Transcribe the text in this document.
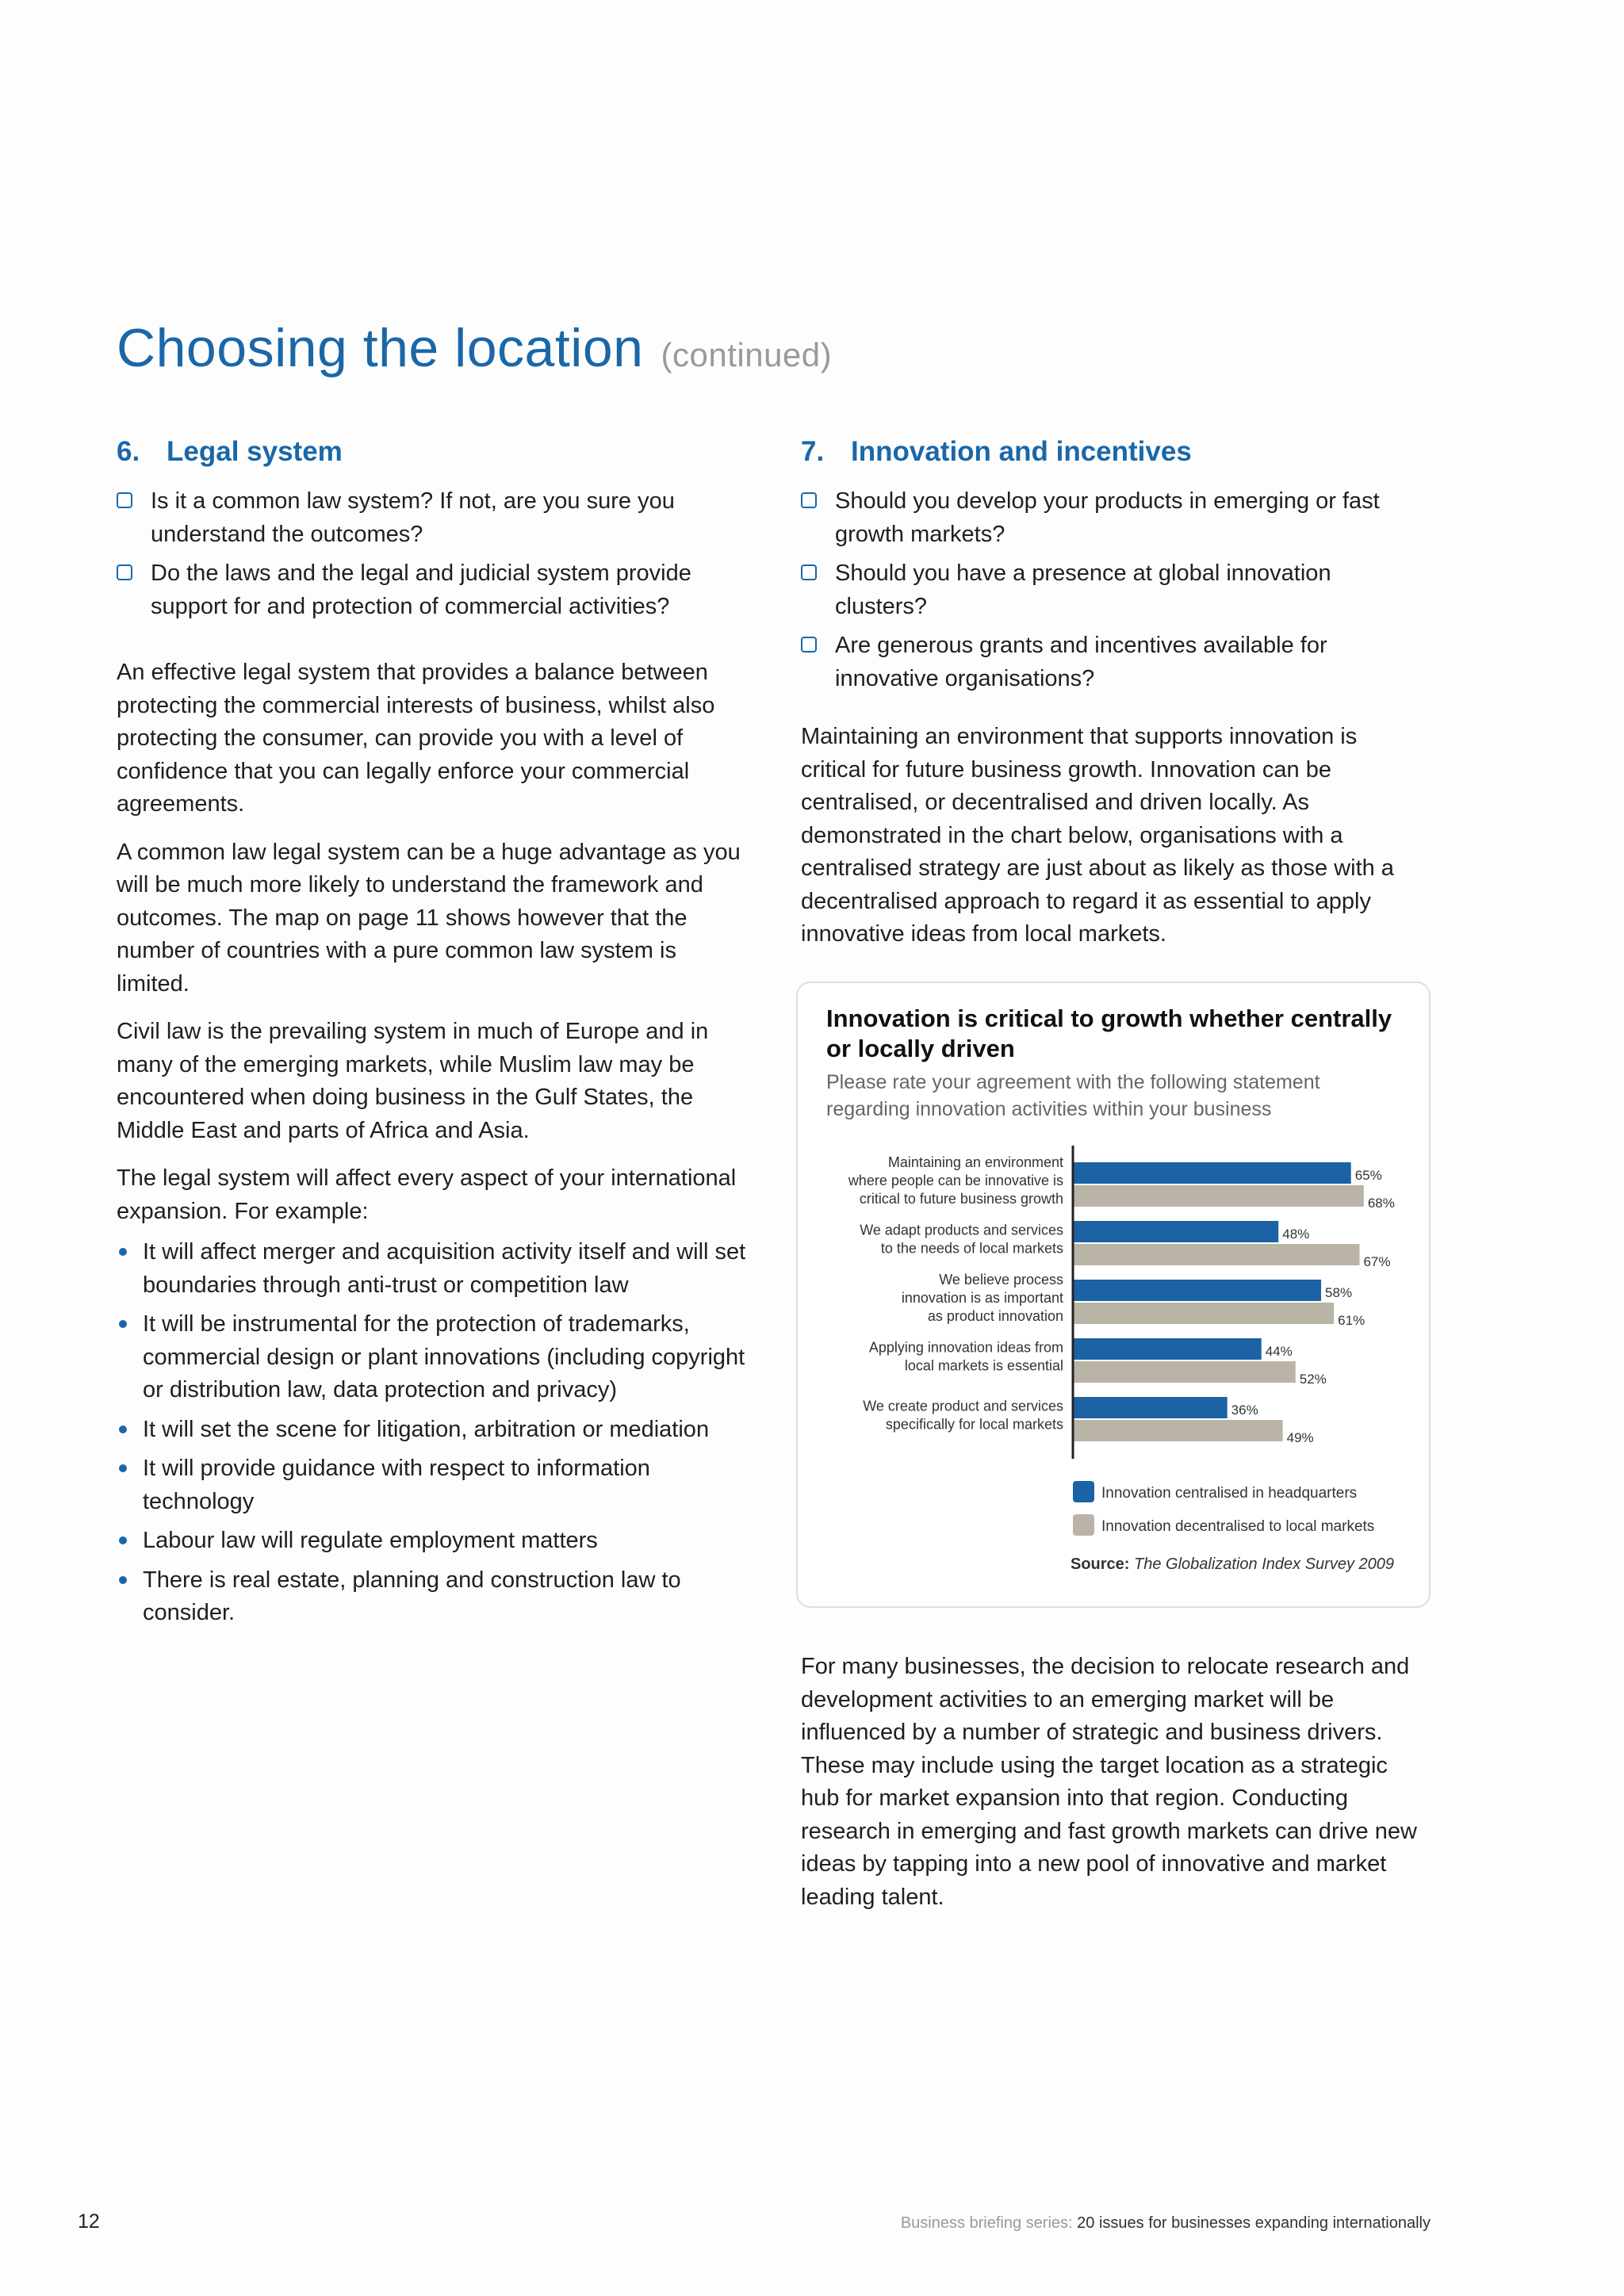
Choosing the location (continued)
6. Legal system
Is it a common law system? If not, are you sure you understand the outcomes?
Do the laws and the legal and judicial system provide support for and protection of commercial activities?

An effective legal system that provides a balance between protecting the commercial interests of business, whilst also protecting the consumer, can provide you with a level of confidence that you can legally enforce your commercial agreements.

A common law legal system can be a huge advantage as you will be much more likely to understand the framework and outcomes. The map on page 11 shows however that the number of countries with a pure common law system is limited.

Civil law is the prevailing system in much of Europe and in many of the emerging markets, while Muslim law may be encountered when doing business in the Gulf States, the Middle East and parts of Africa and Asia.

The legal system will affect every aspect of your international expansion. For example:

It will affect merger and acquisition activity itself and will set boundaries through anti-trust or competition law
It will be instrumental for the protection of trademarks, commercial design or plant innovations (including copyright or distribution law, data protection and privacy)
It will set the scene for litigation, arbitration or mediation
It will provide guidance with respect to information technology
Labour law will regulate employment matters
There is real estate, planning and construction law to consider.
7. Innovation and incentives
Should you develop your products in emerging or fast growth markets?
Should you have a presence at global innovation clusters?
Are generous grants and incentives available for innovative organisations?

Maintaining an environment that supports innovation is critical for future business growth. Innovation can be centralised, or decentralised and driven locally. As demonstrated in the chart below, organisations with a centralised strategy are just about as likely as those with a decentralised approach to regard it as essential to apply innovative ideas from local markets.

Innovation is critical to growth whether centrally or locally driven
Please rate your agreement with the following statement regarding innovation activities within your business
Maintaining an environment
where people can be innovative is
critical to future business growth
65%
68%
We adapt products and services
to the needs of local markets
48%
67%
We believe process
innovation is as important
as product innovation
58%
61%
Applying innovation ideas from
local markets is essential
44%
52%
We create product and services
specifically for local markets
36%
49%
Innovation centralised in headquarters
Innovation decentralised to local markets
Source: The Globalization Index Survey 2009
For many businesses, the decision to relocate research and development activities to an emerging market will be influenced by a number of strategic and business drivers. These may include using the target location as a strategic hub for market expansion into that region. Conducting research in emerging and fast growth markets can drive new ideas by tapping into a new pool of innovative and market leading talent.
12	Business briefing series: 20 issues for businesses expanding internationally
